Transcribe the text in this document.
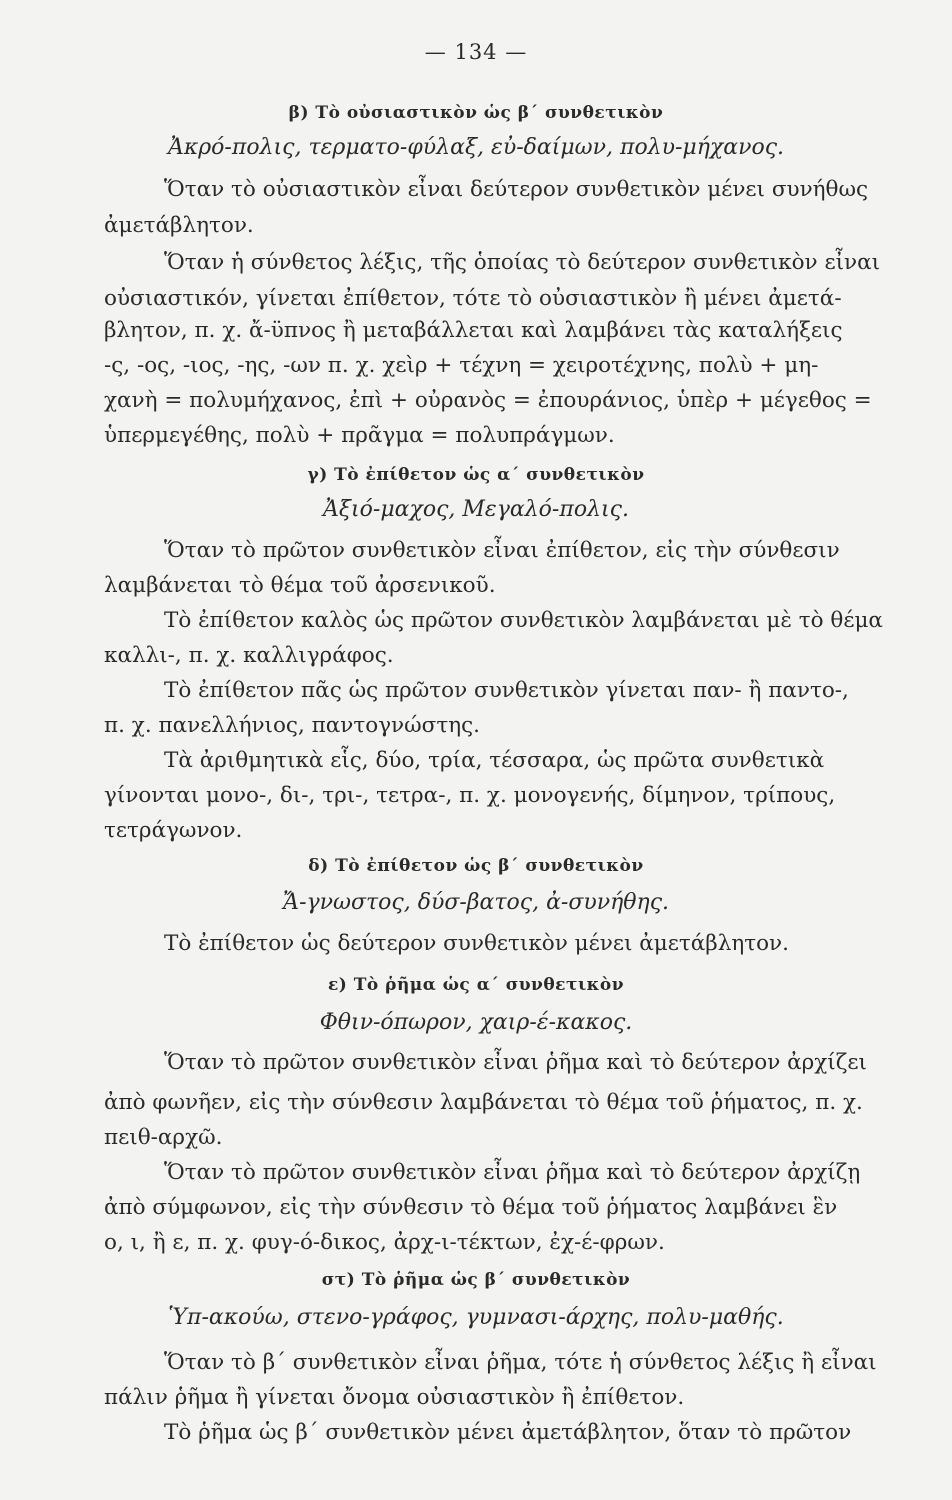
— 134 —
β) Τὸ οὐσιαστικὸν ὡς β΄ συνθετικὸν
Ἀκρό-πολις, τερματο-φύλαξ, εὐ-δαίμων, πολυ-μήχανος.
Ὅταν τὸ οὐσιαστικὸν εἶναι δεύτερον συνθετικὸν μένει συνήθως
ἀμετάβλητον.
Ὅταν ἡ σύνθετος λέξις, τῆς ὁποίας τὸ δεύτερον συνθετικὸν εἶναι
οὐσιαστικόν, γίνεται ἐπίθετον, τότε τὸ οὐσιαστικὸν ἢ μένει ἀμετά-
βλητον, π. χ. ἄ-ϋπνος ἢ μεταβάλλεται καὶ λαμβάνει τὰς καταλήξεις
-ς, -ος, -ιος, -ης, -ων π. χ. χεὶρ + τέχνη = χειροτέχνης, πολὺ + μη-
χανὴ = πολυμήχανος, ἐπὶ + οὐρανὸς = ἐπουράνιος, ὑπὲρ + μέγεθος =
ὑπερμεγέθης, πολὺ + πρᾶγμα = πολυπράγμων.
γ) Τὸ ἐπίθετον ὡς α΄ συνθετικὸν
Ἀξιό-μαχος, Μεγαλό-πολις.
Ὅταν τὸ πρῶτον συνθετικὸν εἶναι ἐπίθετον, εἰς τὴν σύνθεσιν
λαμβάνεται τὸ θέμα τοῦ ἀρσενικοῦ.
Τὸ ἐπίθετον καλὸς ὡς πρῶτον συνθετικὸν λαμβάνεται μὲ τὸ θέμα
καλλι-, π. χ. καλλιγράφος.
Τὸ ἐπίθετον πᾶς ὡς πρῶτον συνθετικὸν γίνεται παν- ἢ παντο-,
π. χ. πανελλήνιος, παντογνώστης.
Τὰ ἀριθμητικὰ εἷς, δύο, τρία, τέσσαρα, ὡς πρῶτα συνθετικὰ
γίνονται μονο-, δι-, τρι-, τετρα-, π. χ. μονογενής, δίμηνον, τρίπους,
τετράγωνον.
δ) Τὸ ἐπίθετον ὡς β΄ συνθετικὸν
Ἄ-γνωστος, δύσ-βατος, ἀ-συνήθης.
Τὸ ἐπίθετον ὡς δεύτερον συνθετικὸν μένει ἀμετάβλητον.
ε) Τὸ ῥῆμα ὡς α΄ συνθετικὸν
Φθιν-όπωρον, χαιρ-έ-κακος.
Ὅταν τὸ πρῶτον συνθετικὸν εἶναι ῥῆμα καὶ τὸ δεύτερον ἀρχίζει
ἀπὸ φωνῆεν, εἰς τὴν σύνθεσιν λαμβάνεται τὸ θέμα τοῦ ῥήματος, π. χ.
πειθ-αρχῶ.
Ὅταν τὸ πρῶτον συνθετικὸν εἶναι ῥῆμα καὶ τὸ δεύτερον ἀρχίζῃ
ἀπὸ σύμφωνον, εἰς τὴν σύνθεσιν τὸ θέμα τοῦ ῥήματος λαμβάνει ἓν
ο, ι, ἢ ε, π. χ. φυγ-ό-δικος, ἀρχ-ι-τέκτων, ἐχ-έ-φρων.
στ) Τὸ ῥῆμα ὡς β΄ συνθετικὸν
Ὑπ-ακούω, στενο-γράφος, γυμνασι-άρχης, πολυ-μαθής.
Ὅταν τὸ β΄ συνθετικὸν εἶναι ῥῆμα, τότε ἡ σύνθετος λέξις ἢ εἶναι
πάλιν ῥῆμα ἢ γίνεται ὄνομα οὐσιαστικὸν ἢ ἐπίθετον.
Τὸ ῥῆμα ὡς β΄ συνθετικὸν μένει ἀμετάβλητον, ὅταν τὸ πρῶτον
